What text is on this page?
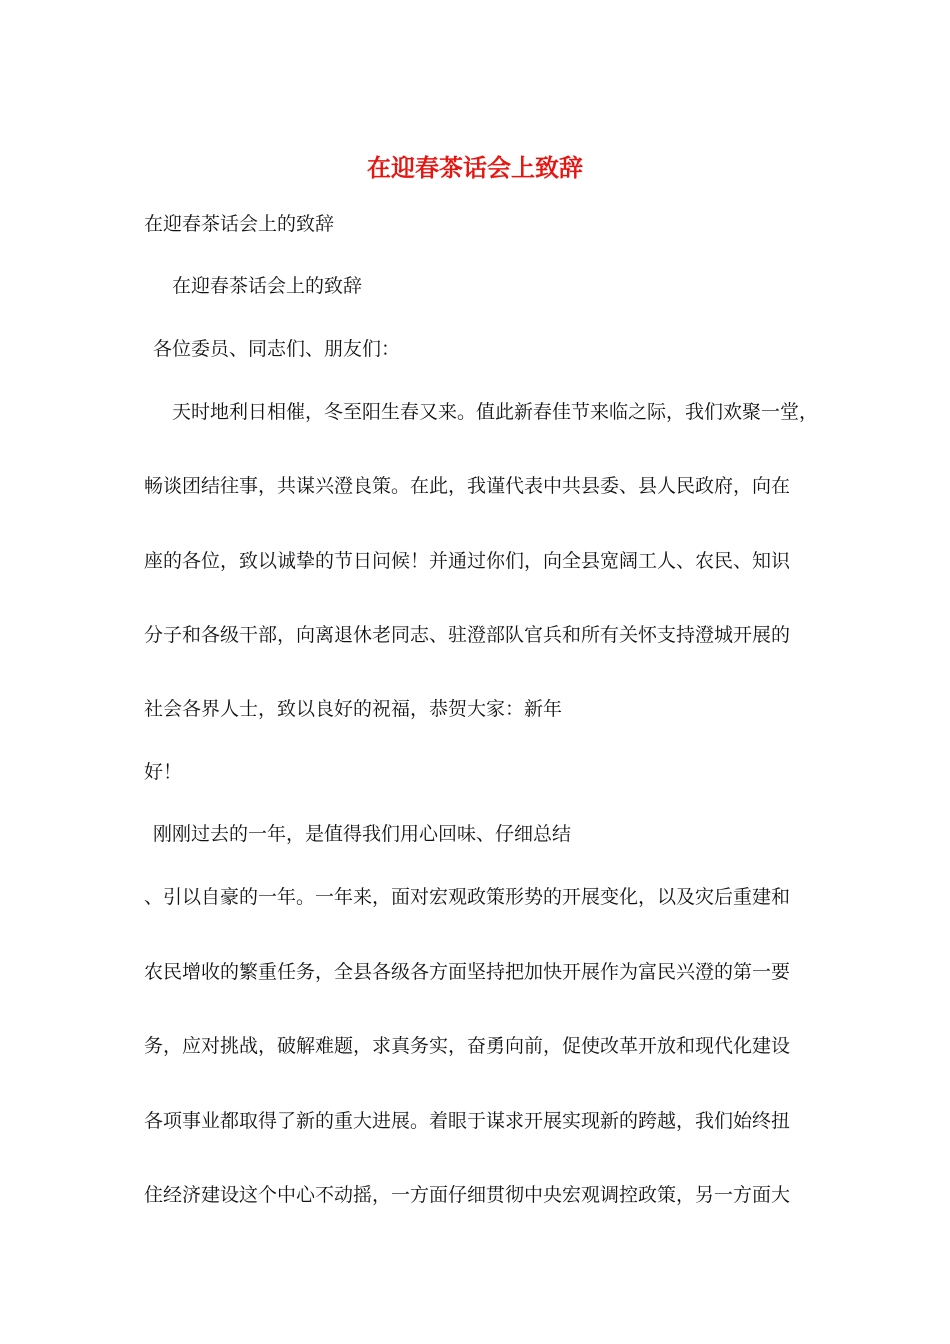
在迎春茶话会上致辞

在迎春茶话会上的致辞

在迎春茶话会上的致辞

各位委员、同志们、朋友们：

天时地利日相催，冬至阳生春又来。值此新春佳节来临之际，我们欢聚一堂，

畅谈团结往事，共谋兴澄良策。在此，我谨代表中共县委、县人民政府，向在

座的各位，致以诚挚的节日问候！并通过你们，向全县宽阔工人、农民、知识

分子和各级干部，向离退休老同志、驻澄部队官兵和所有关怀支持澄城开展的

社会各界人士，致以良好的祝福，恭贺大家：新年

好！

刚刚过去的一年，是值得我们用心回味、仔细总结

、引以自豪的一年。一年来，面对宏观政策形势的开展变化，以及灾后重建和

农民增收的繁重任务，全县各级各方面坚持把加快开展作为富民兴澄的第一要

务，应对挑战，破解难题，求真务实，奋勇向前，促使改革开放和现代化建设

各项事业都取得了新的重大进展。着眼于谋求开展实现新的跨越，我们始终扭

住经济建设这个中心不动摇，一方面仔细贯彻中央宏观调控政策，另一方面大
